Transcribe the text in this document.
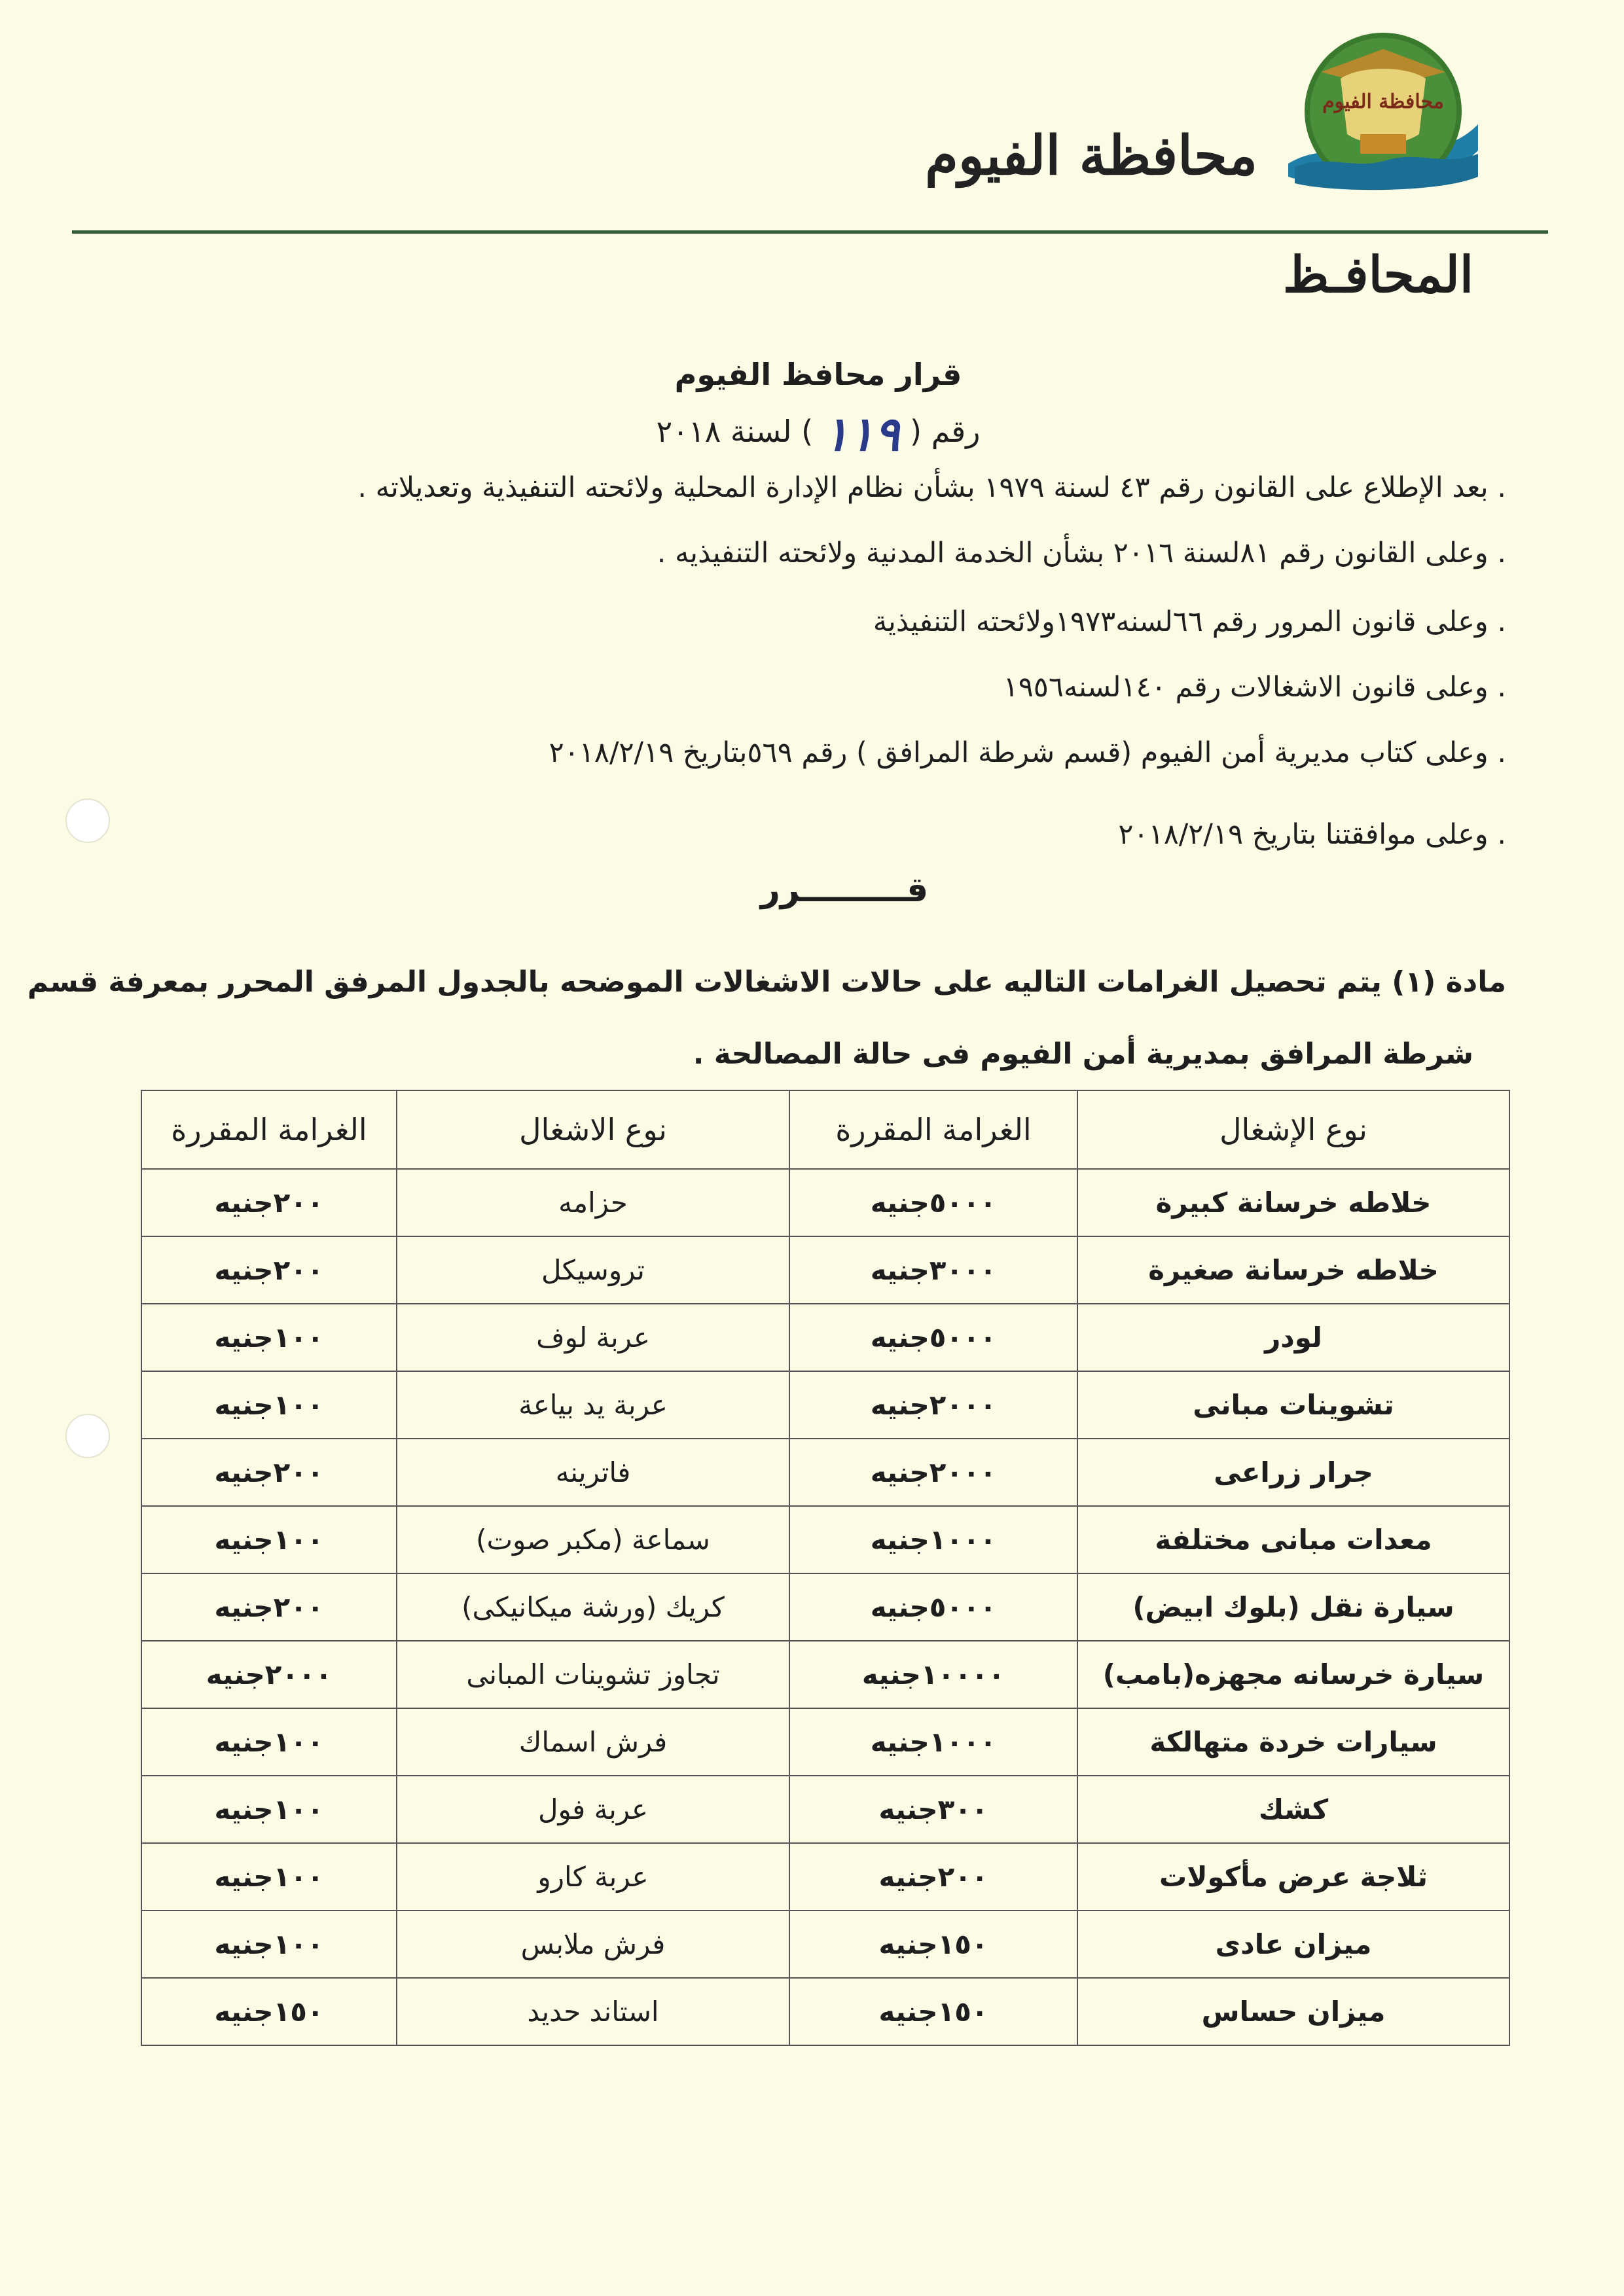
محافظة الفيوم
محافظة الفيوم
المحافـظ
قرار محافظ الفيوم
رقم (١١٩) لسنة ٢٠١٨
. بعد الإطلاع على القانون رقم ٤٣ لسنة ١٩٧٩ بشأن نظام الإدارة المحلية ولائحته التنفيذية وتعديلاته .
. وعلى القانون رقم ٨١لسنة ٢٠١٦ بشأن الخدمة المدنية ولائحته التنفيذيه .
. وعلى قانون المرور رقم ٦٦لسنه١٩٧٣ولائحته التنفيذية
. وعلى قانون الاشغالات رقم ١٤٠لسنه١٩٥٦
. وعلى كتاب مديرية أمن الفيوم (قسم شرطة المرافق ) رقم ٥٦٩بتاريخ ٢٠١٨/٢/١٩
. وعلى موافقتنا بتاريخ ٢٠١٨/٢/١٩
قـــــــــرر
مادة (١) يتم تحصيل الغرامات التاليه على حالات الاشغالات الموضحه بالجدول المرفق المحرر بمعرفة قسم
شرطة المرافق بمديرية أمن الفيوم فى حالة المصالحة .
نوع الإشغال	الغرامة المقررة	نوع الاشغال	الغرامة المقررة
خلاطه خرسانة كبيرة	٥٠٠٠جنيه	حزامه	٢٠٠جنيه
خلاطه خرسانة صغيرة	٣٠٠٠جنيه	تروسيكل	٢٠٠جنيه
لودر	٥٠٠٠جنيه	عربة لوف	١٠٠جنيه
تشوينات مبانى	٢٠٠٠جنيه	عربة يد بياعة	١٠٠جنيه
جرار زراعى	٢٠٠٠جنيه	فاترينه	٢٠٠جنيه
معدات مبانى مختلفة	١٠٠٠جنيه	سماعة (مكبر صوت)	١٠٠جنيه
سيارة نقل (بلوك ابيض)	٥٠٠٠جنيه	كريك (ورشة ميكانيكى)	٢٠٠جنيه
سيارة خرسانه مجهزه(بامب)	١٠٠٠٠جنيه	تجاوز تشوينات المبانى	٢٠٠٠جنيه
سيارات خردة متهالكة	١٠٠٠جنيه	فرش اسماك	١٠٠جنيه
كشك	٣٠٠جنيه	عربة فول	١٠٠جنيه
ثلاجة عرض مأكولات	٢٠٠جنيه	عربة كارو	١٠٠جنيه
ميزان عادى	١٥٠جنيه	فرش ملابس	١٠٠جنيه
ميزان حساس	١٥٠جنيه	استاند حديد	١٥٠جنيه
